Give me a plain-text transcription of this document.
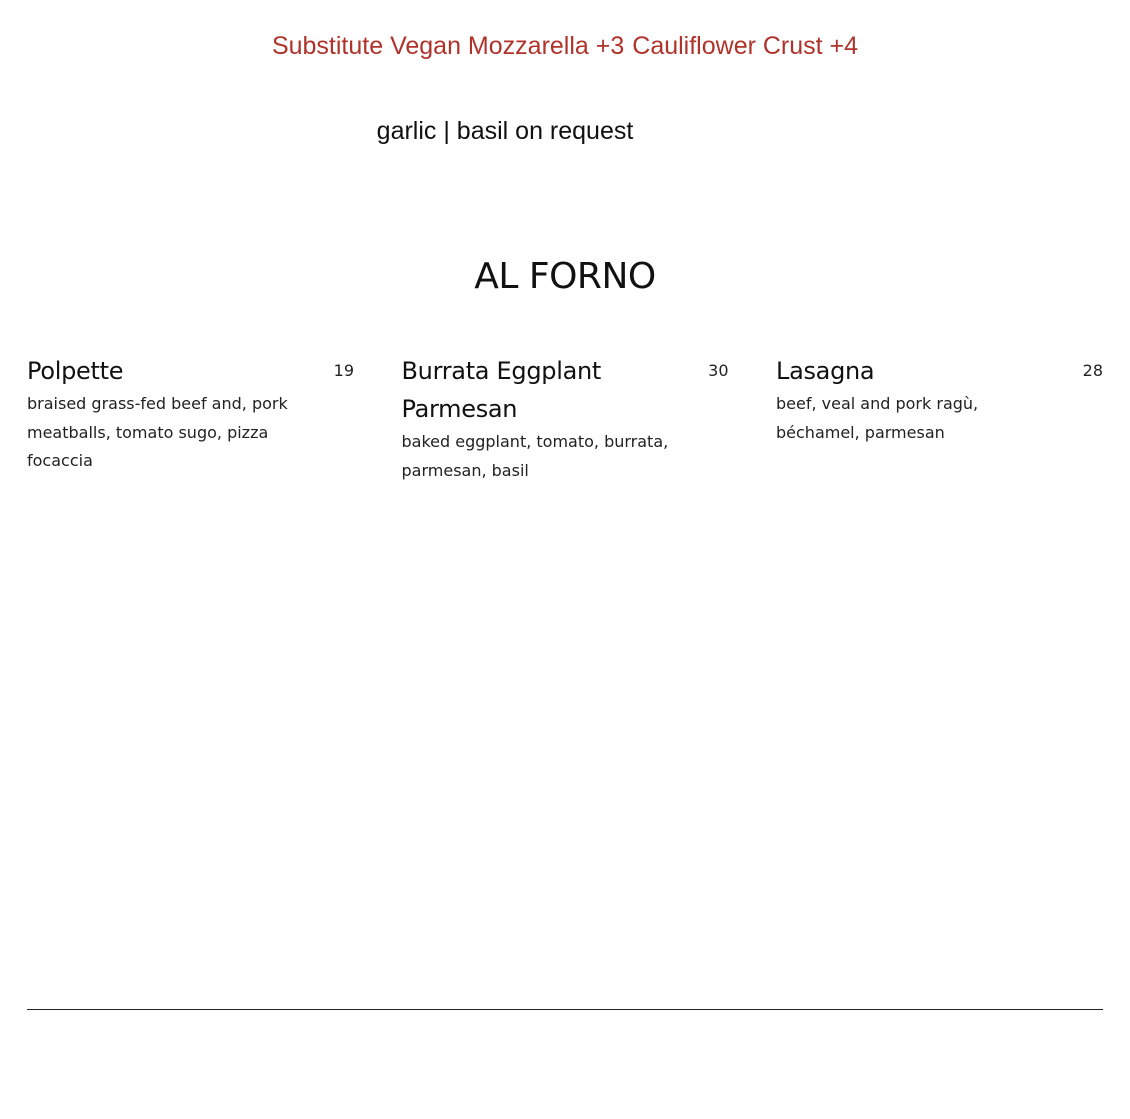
Substitute Vegan Mozzarella +3 Cauliflower Crust +4
garlic | basil on request
AL FORNO
Polpette	19
braised grass-fed beef and, pork meatballs, tomato sugo, pizza focaccia
Burrata Eggplant Parmesan
30
baked eggplant, tomato, burrata, parmesan, basil
Lasagna	28
beef, veal and pork ragù, béchamel, parmesan
